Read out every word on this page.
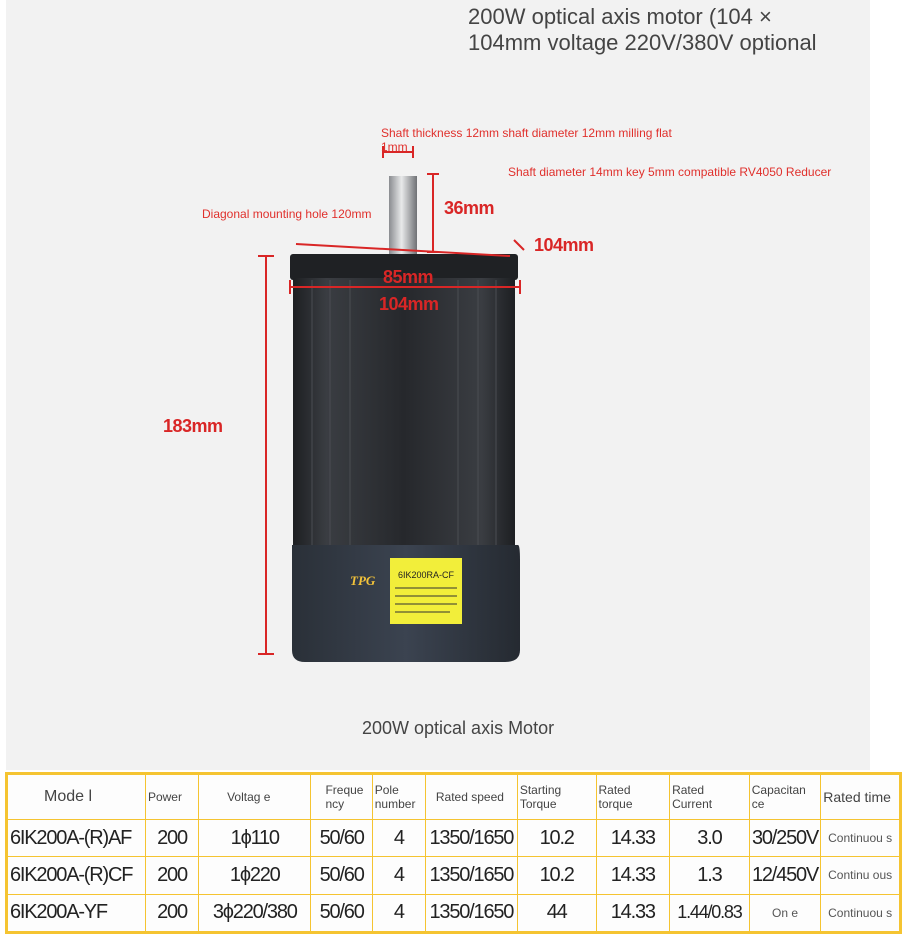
200W optical axis motor (104 × 104mm voltage 220V/380V optional
6IK200RA-CF
TPG
Shaft thickness 12mm shaft diameter 12mm milling flat
1mm
Shaft diameter 14mm key 5mm compatible RV4050 Reducer
Diagonal mounting hole 120mm	36mm
104mm
85mm
104mm
183mm
200W optical axis Motor
Mode l	Power	Voltag e	Freque ncy	Pole number	Rated speed	Starting Torque	Rated torque	Rated Current	Capacitan ce	Rated time
6IK200A-(R)AF	200	1ϕ110	50/60	4	1350/1650	10.2	14.33	3.0	30/250V	Continuou s
6IK200A-(R)CF	200	1ϕ220	50/60	4	1350/1650	10.2	14.33	1.3	12/450V	Continu ous
6IK200A-YF	200	3ϕ220/380	50/60	4	1350/1650	44	14.33	1.44/0.83	On e	Continuou s
